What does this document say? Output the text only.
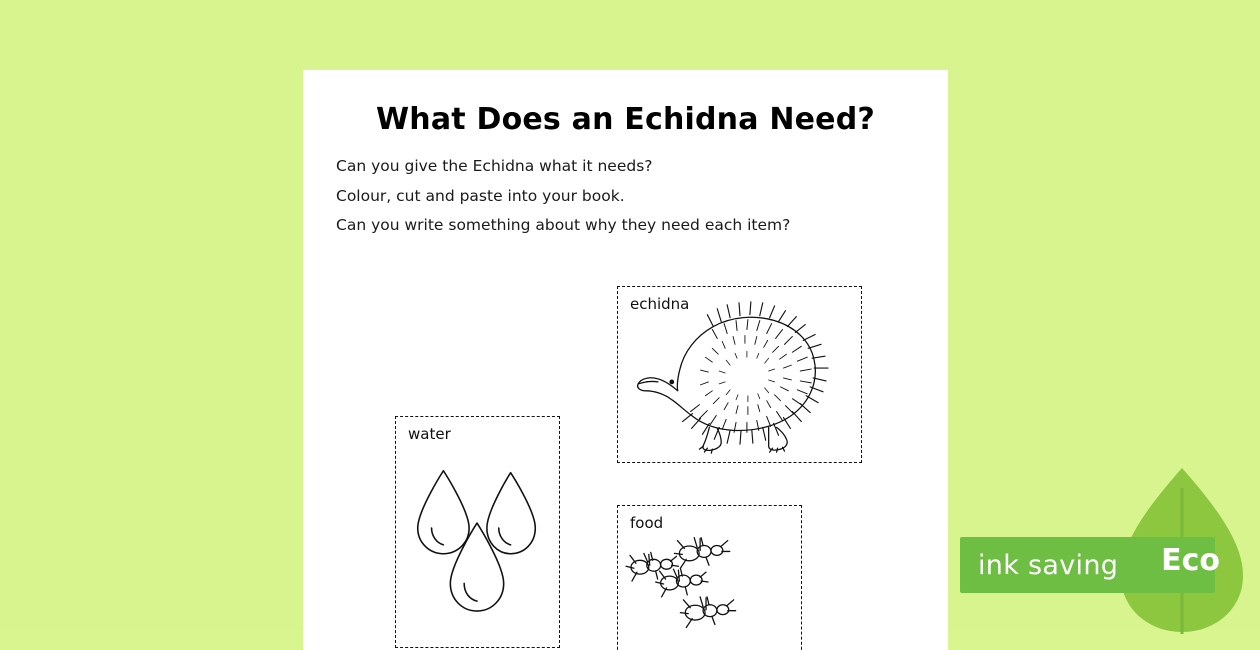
What Does an Echidna Need?

Can you give the Echidna what it needs?

Colour, cut and paste into your book.

Can you write something about why they need each item?

echidna
water
food
ink saving Eco
